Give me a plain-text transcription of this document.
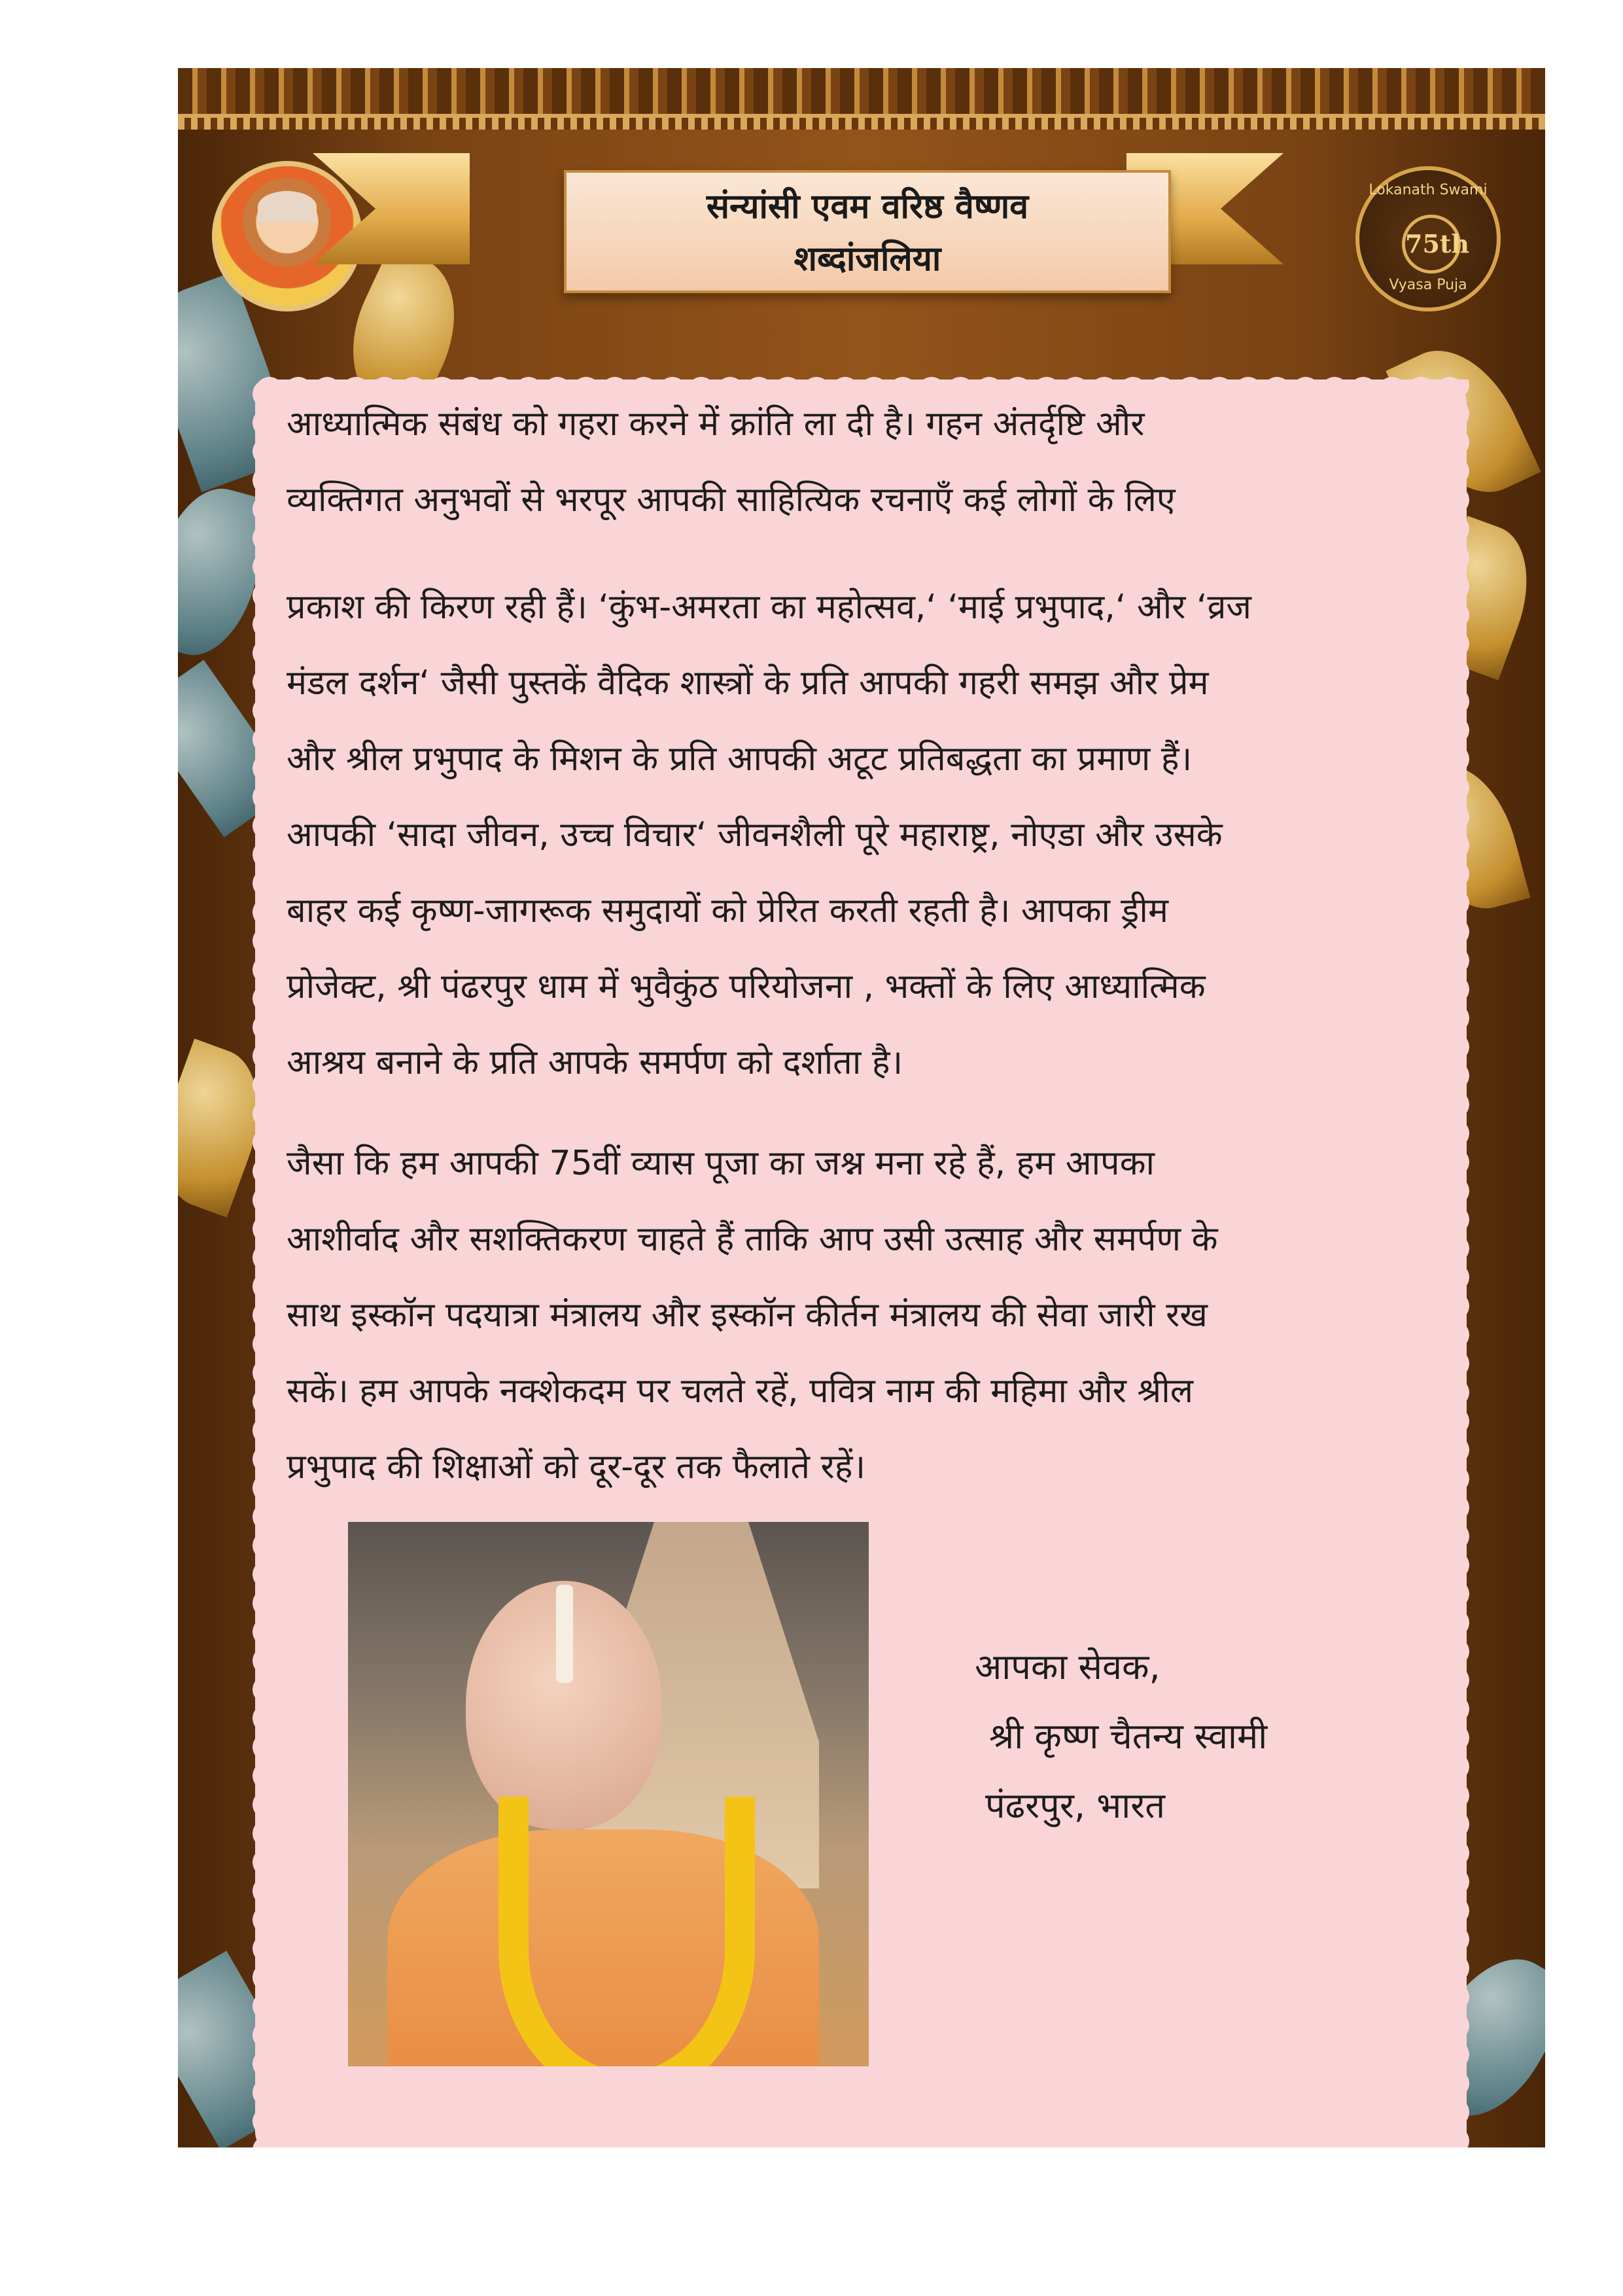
संन्यांसी एवम वरिष्ठ वैष्णव
शब्दांजलिया
Lokanath Swami
75th
Vyasa Puja
आध्यात्मिक संबंध को गहरा करने में क्रांति ला दी है। गहन अंतर्दृष्टि और
व्यक्तिगत अनुभवों से भरपूर आपकी साहित्यिक रचनाएँ कई लोगों के लिए
प्रकाश की किरण रही हैं। ‘कुंभ-अमरता का महोत्सव,‘ ‘माई प्रभुपाद,‘ और ‘व्रज
मंडल दर्शन‘ जैसी पुस्तकें वैदिक शास्त्रों के प्रति आपकी गहरी समझ और प्रेम
और श्रील प्रभुपाद के मिशन के प्रति आपकी अटूट प्रतिबद्धता का प्रमाण हैं।
आपकी ‘सादा जीवन, उच्च विचार‘ जीवनशैली पूरे महाराष्ट्र, नोएडा और उसके
बाहर कई कृष्ण-जागरूक समुदायों को प्रेरित करती रहती है। आपका ड्रीम
प्रोजेक्ट, श्री पंढरपुर धाम में भुवैकुंठ परियोजना , भक्तों के लिए आध्यात्मिक
आश्रय बनाने के प्रति आपके समर्पण को दर्शाता है।
जैसा कि हम आपकी 75वीं व्यास पूजा का जश्न मना रहे हैं, हम आपका
आशीर्वाद और सशक्तिकरण चाहते हैं ताकि आप उसी उत्साह और समर्पण के
साथ इस्कॉन पदयात्रा मंत्रालय और इस्कॉन कीर्तन मंत्रालय की सेवा जारी रख
सकें। हम आपके नक्शेकदम पर चलते रहें, पवित्र नाम की महिमा और श्रील
प्रभुपाद की शिक्षाओं को दूर-दूर तक फैलाते रहें।
आपका सेवक,
श्री कृष्ण चैतन्य स्वामी
पंढरपुर, भारत
